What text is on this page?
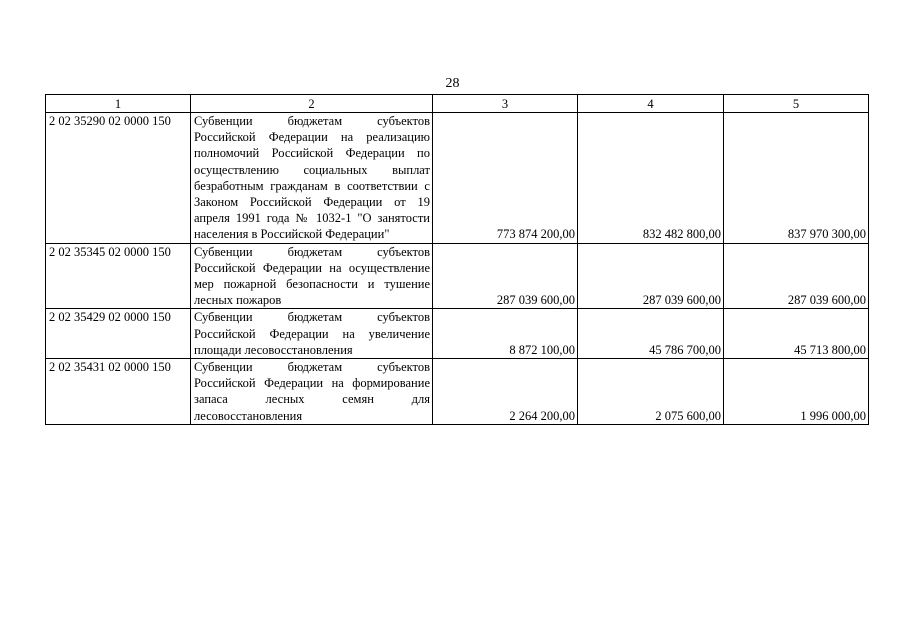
28
1	2	3	4	5
2 02 35290 02 0000 150	Субвенции бюджетам субъектов Российской Федерации на реализацию полномочий Российской Федерации по осуществлению социальных выплат безработным гражданам в соответствии с Законом Российской Федерации от 19 апреля 1991 года № 1032-1 "О занятости населения в Российской Федерации"	773 874 200,00	832 482 800,00	837 970 300,00
2 02 35345 02 0000 150	Субвенции бюджетам субъектов Российской Федерации на осуществление мер пожарной безопасности и тушение лесных пожаров	287 039 600,00	287 039 600,00	287 039 600,00
2 02 35429 02 0000 150	Субвенции бюджетам субъектов Российской Федерации на увеличение площади лесовосстановления	8 872 100,00	45 786 700,00	45 713 800,00
2 02 35431 02 0000 150	Субвенции бюджетам субъектов Российской Федерации на формирование запаса лесных семян для лесовосстановления	2 264 200,00	2 075 600,00	1 996 000,00
